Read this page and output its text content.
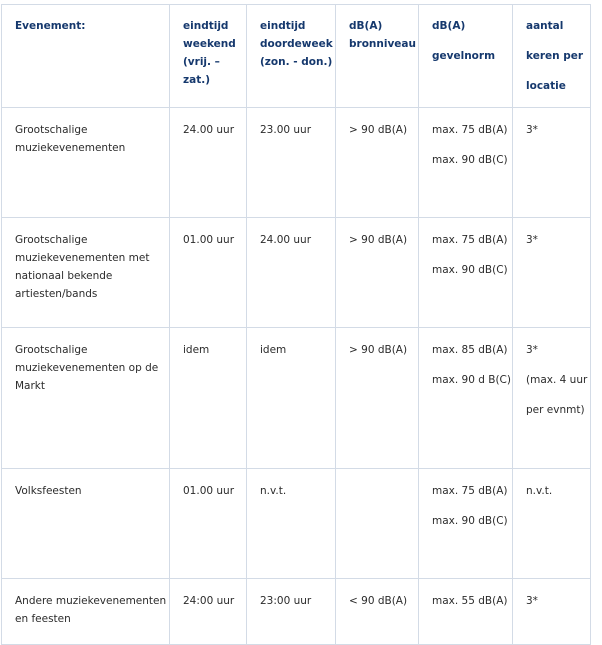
Evenement:	eindtijd
weekend
(vrij. –
zat.)	eindtijd
doordeweek
(zon. - don.)	dB(A)
bronniveau	dB(A)
gevelnorm	aantal
keren per
locatie

Grootschalige muziekevenementen	24.00 uur	23.00 uur	> 90 dB(A)	max. 75 dB(A)
max. 90 dB(C)	3*
Grootschalige muziekevenementen met nationaal bekende artiesten/bands	01.00 uur	24.00 uur	> 90 dB(A)	max. 75 dB(A)
max. 90 dB(C)	3*
Grootschalige muziekevenementen op de Markt	idem	idem	> 90 dB(A)	max. 85 dB(A)
max. 90 d B(C)	3*
(max. 4 uur
per evnmt)

Volksfeesten	01.00 uur	n.v.t.		max. 75 dB(A)
max. 90 dB(C)	n.v.t.
Andere muziekevenementen en feesten	24:00 uur	23:00 uur	< 90 dB(A)	max. 55 dB(A)	3*
